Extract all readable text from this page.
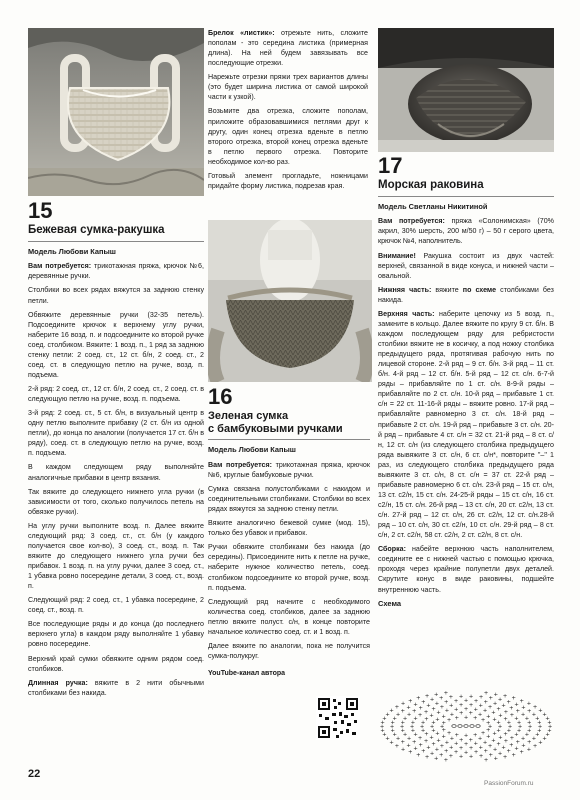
15
Бежевая сумка-ракушка
Модель Любови Капыш

Вам потребуется: трикотажная пряжа, крючок №6, деревянные ручки.

Столбики во всех рядах вяжутся за заднюю стенку петли.

Обвяжите деревянные ручки (32-35 петель). Подсоедините крючок к верхнему углу ручки, наберите 16 возд. п. и подсоедините ко второй ручке соед. столбиком. Вяжите: 1 возд. п., 1 ряд за заднюю стенку петли: 2 соед. ст., 12 ст. б/н, 2 соед. ст., 2 соед. ст. в следующую петлю на ручке, возд. п. подъема.

2-й ряд: 2 соед. ст., 12 ст. б/н, 2 соед. ст., 2 соед. ст. в следующую петлю на ручке, возд. п. подъема.

3-й ряд: 2 соед. ст., 5 ст. б/н, в визуальный центр в одну петлю выполните прибавку (2 ст. б/н из одной петли), до конца по аналогии (получается 17 ст. б/н в ряду), соед. ст. в следующую петлю на ручке, возд. п. подъема.

В каждом следующем ряду выполняйте аналогичные прибавки в центр вязания.

Так вяжите до следующего нижнего угла ручки (в зависимости от того, сколько получилось петель на обвязке ручки).

На углу ручки выполните возд. п. Далее вяжите следующий ряд: 3 соед. ст., ст. б/н (у каждого получается свое кол-во), 3 соед. ст., возд. п. Так вяжите до следующего нижнего угла ручки без прибавок. 1 возд. п. на углу ручки, далее 3 соед. ст., 1 убавка ровно посередине детали, 3 соед. ст., возд. п.

Следующий ряд: 2 соед. ст., 1 убавка посередине, 2 соед. ст., возд. п.

Все последующие ряды и до конца (до последнего верхнего угла) в каждом ряду выполняйте 1 убавку ровно посередине.

Верхний край сумки обвяжите одним рядом соед. столбиков.

Длинная ручка: вяжите в 2 нити обычными столбиками без накида.

Брелок «листик»: отрежьте нить, сложите пополам - это середина листика (примерная длина). На ней будем завязывать все последующие отрезки.

Нарежьте отрезки пряжи трех вариантов длины (это будет ширина листика от самой широкой части к узкой).

Возьмите два отрезка, сложите пополам, приложите образовавшимися петлями друг к другу, один конец отрезка вденьте в петлю второго отрезка, второй конец отрезка вденьте в петлю первого отрезка. Повторите необходимое кол-во раз.

Готовый элемент прогладьте, ножницами придайте форму листика, подрезав края.

16
Зеленая сумка
с бамбуковыми ручками
Модель Любови Капыш

Вам потребуется: трикотажная пряжа, крючок №6, круглые бамбуковые ручки.

Сумка связана полустолбиками с накидом и соединительными столбиками. Столбики во всех рядах вяжутся за заднюю стенку петли.

Вяжите аналогично бежевой сумке (мод. 15), только без убавок и прибавок.

Ручки обвяжите столбиками без накида (до середины). Присоедините нить к петле на ручке, наберите нужное количество петель, соед. столбиком подсоедините ко второй ручке, возд. п. подъема.

Следующий ряд начните с необходимого количества соед. столбиков, далее за заднюю петлю вяжите полуст. с/н, в конце повторите начальное количество соед. ст. и 1 возд. п.

Далее вяжите по аналогии, пока не получится сумка-полукруг.

YouTube-канал автора
17
Морская раковина
Модель Светланы Никитиной

Вам потребуется: пряжа «Солонимская» (70% акрил, 30% шерсть, 200 м/50 г) – 50 г серого цвета, крючок №4, наполнитель.

Внимание! Ракушка состоит из двух частей: верхней, связанной в виде конуса, и нижней части – овальной.

Нижняя часть: вяжите по схеме столбиками без накида.

Верхняя часть: наберите цепочку из 5 возд. п., замкните в кольцо. Далее вяжите по кругу 9 ст. б/н. В каждом последующем ряду для ребристости столбики вяжите не в косичку, а под ножку столбика предыдущего ряда, протягивая рабочую нить по лицевой стороне. 2-й ряд – 9 ст. б/н. 3-й ряд – 11 ст. б/н. 4-й ряд – 12 ст. б/н. 5-й ряд – 12 ст. с/н. 6-7-й ряды – прибавляйте по 1 ст. с/н. 8-9-й ряды – прибавляйте по 2 ст. с/н. 10-й ряд – прибавьте 1 ст. с/н = 22 ст. 11-16-й ряды – вяжите ровно. 17-й ряд – прибавляйте равномерно 3 ст. с/н. 18-й ряд – прибавьте 2 ст. с/н. 19-й ряд – прибавьте 3 ст. с/н. 20-й ряд – прибавьте 4 ст. с/н = 32 ст. 21-й ряд – 8 ст. с/н, 12 ст. с/н (из следующего столбика предыдущего ряда вывяжите 3 ст. с/н, 6 ст. с/н*, повторите "–" 1 раз, из следующего столбика предыдущего ряда вывяжите 3 ст. с/н, 8 ст. с/н = 37 ст. 22-й ряд – прибавьте равномерно 6 ст. с/н. 23-й ряд – 15 ст. с/н, 13 ст. с2/н, 15 ст. с/н. 24-25-й ряды – 15 ст. с/н, 16 ст. с2/н, 15 ст. с/н. 26-й ряд – 13 ст. с/н, 20 ст. с2/н, 13 ст. с/н. 27-й ряд – 12 ст. с/н, 26 ст. с2/н, 12 ст. с/н.28-й ряд – 10 ст. с/н, 30 ст. с2/н, 10 ст. с/н. 29-й ряд – 8 ст. с/н, 2 ст. с2/н, 58 ст. с2/н, 2 ст. с2/н, 8 ст. с/н.

Сборка: набейте верхнюю часть наполнителем, соедините ее с нижней частью с помощью крючка, проходя через крайние полупетли двух деталей. Скрутите конус в виде раковины, подшейте внутреннюю часть.

Схема
+
+
+
+
+
+
+
+
+
+ + + + + + +
+
+
+
+
+
+
+
+
+
+
+
+
+
+ + + + + + + +
+
+
+
+
+
+
+
+
+
+
+
+
+
+
+
+
+
+
+ + + + + + + + +
+
+
+
+
+
+
+
+
+
+
+
+
+
+
+
+
+
+
+
+
+
+
+
+ + + + + + + + + +
+
+
+
+
+
+
+
+
+
+
+
+
+
+
+
+
+
+
+
+
+
+
+
+
+
+
+
+
+ + + + + + + + + + +
+
+
+
+
+
+
+
+
+
+
+
+
+
+
+
+
+
+
+
+
+
+
+
+
+
+
+
+
+
+
+
+
+ + + + + + + + + + + + + +
+
+
+
+
+
+
+
+
+
+
+
+
+
+
+
+
+
+
+
+
+
+
+
+
+
+
+
+
+
+
+
+
+
+ + + + + +	+ + + + + +
+
+
+
+
+
22
PassionForum.ru
